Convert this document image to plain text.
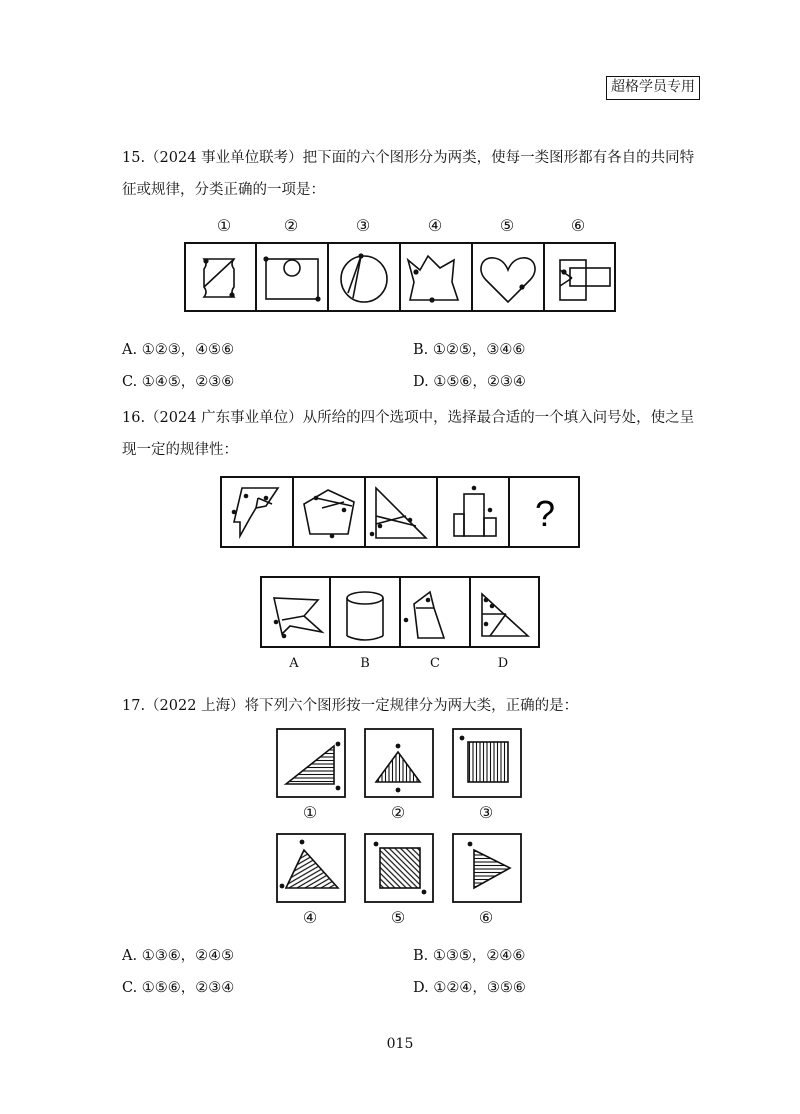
超格学员专用
15.（2024 事业单位联考）把下面的六个图形分为两类，使每一类图形都有各自的共同特
征或规律，分类正确的一项是：
①	②	③	④	⑤	⑥
A. ①②③，④⑤⑥	B. ①②⑤，③④⑥
C. ①④⑤，②③⑥	D. ①⑤⑥，②③④
16.（2024 广东事业单位）从所给的四个选项中，选择最合适的一个填入问号处，使之呈
现一定的规律性：
?
A	B	C	D
17.（2022 上海）将下列六个图形按一定规律分为两大类，正确的是：
①	②	③
④	⑤	⑥
A. ①③⑥，②④⑤	B. ①③⑤，②④⑥
C. ①⑤⑥，②③④	D. ①②④，③⑤⑥
015
